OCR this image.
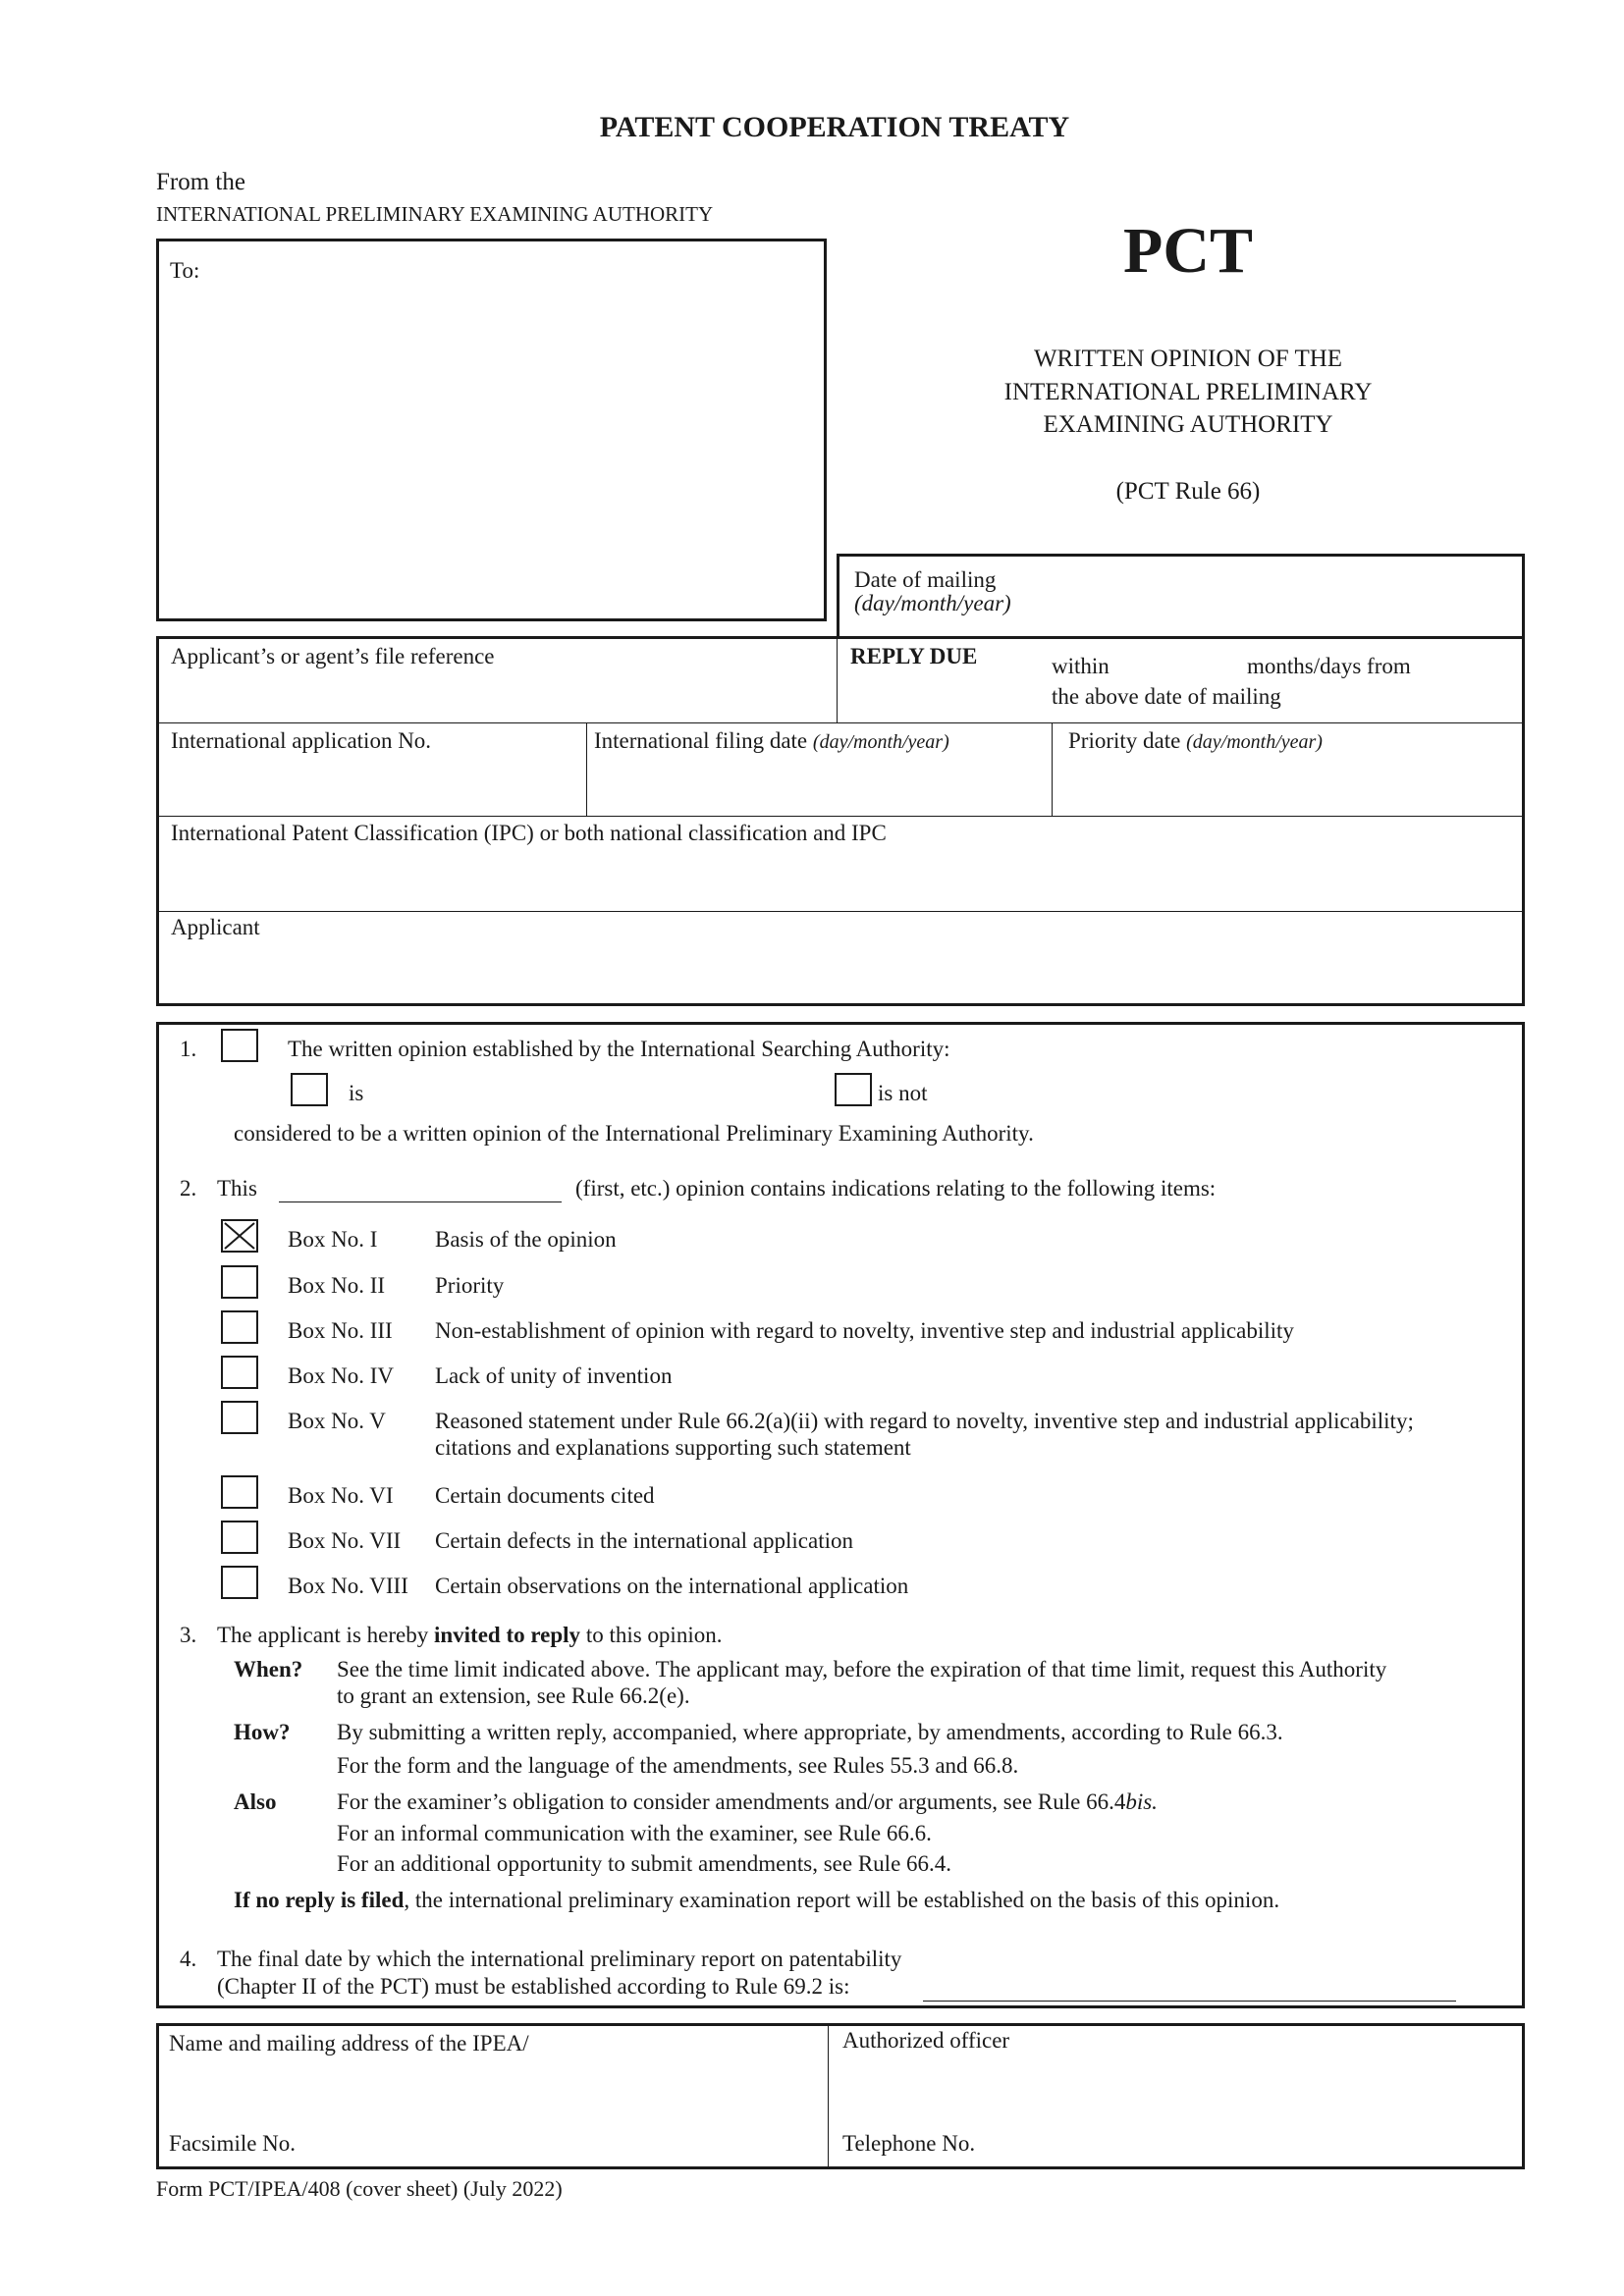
PATENT COOPERATION TREATY
From the
INTERNATIONAL PRELIMINARY EXAMINING AUTHORITY
To:	PCT
WRITTEN OPINION OF THE
INTERNATIONAL PRELIMINARY
EXAMINING AUTHORITY
(PCT Rule 66)
Date of mailing
(day/month/year)
Applicant’s or agent’s file reference	REPLY DUE	within	months/days from
the above date of mailing
International application No.	International filing date (day/month/year)	Priority date (day/month/year)
International Patent Classification (IPC) or both national classification and IPC
Applicant
1.	The written opinion established by the International Searching Authority:
is	is not
considered to be a written opinion of the International Preliminary Examining Authority.
2. This	(first, etc.) opinion contains indications relating to the following items:
Box No. I	Basis of the opinion
Box No. II Priority
Box No. III Non-establishment of opinion with regard to novelty, inventive step and industrial applicability
Box No. IV Lack of unity of invention
Box No. V Reasoned statement under Rule 66.2(a)(ii) with regard to novelty, inventive step and industrial applicability;
citations and explanations supporting such statement
Box No. VI Certain documents cited
Box No. VII Certain defects in the international application
Box No. VIII Certain observations on the international application
3. The applicant is hereby invited to reply to this opinion.
When? See the time limit indicated above. The applicant may, before the expiration of that time limit, request this Authority
to grant an extension, see Rule 66.2(e).
How? By submitting a written reply, accompanied, where appropriate, by amendments, according to Rule 66.3.
For the form and the language of the amendments, see Rules 55.3 and 66.8.
Also	For the examiner’s obligation to consider amendments and/or arguments, see Rule 66.4bis.
For an informal communication with the examiner, see Rule 66.6.
For an additional opportunity to submit amendments, see Rule 66.4.
If no reply is filed, the international preliminary examination report will be established on the basis of this opinion.
4. The final date by which the international preliminary report on patentability
(Chapter II of the PCT) must be established according to Rule 69.2 is:
Name and mailing address of the IPEA/
Facsimile No.
Authorized officer
Telephone No.
Form PCT/IPEA/408 (cover sheet) (July 2022)
